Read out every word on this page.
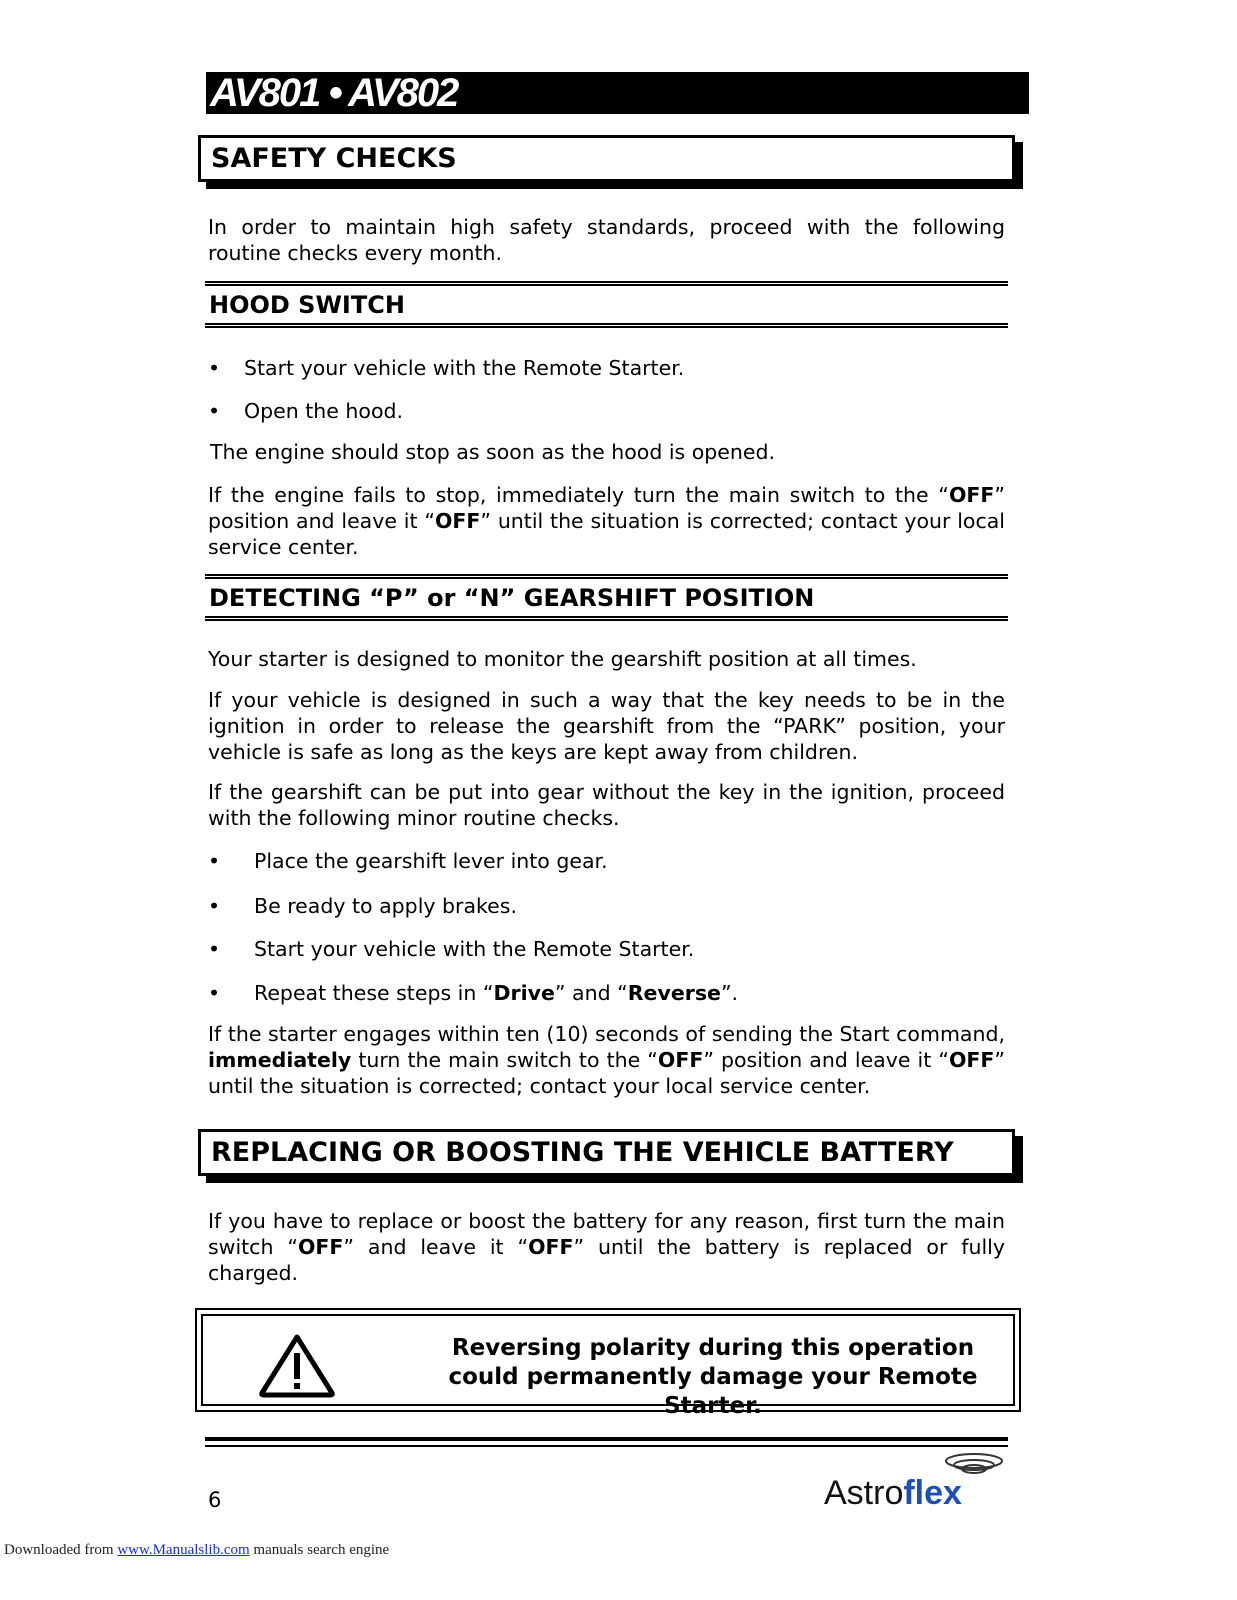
AV801 • AV802
SAFETY CHECKS

In order to maintain high safety standards, proceed with the following routine checks every month.

HOOD SWITCH
• Start your vehicle with the Remote Starter.
• Open the hood.

The engine should stop as soon as the hood is opened.

If the engine fails to stop, immediately turn the main switch to the “OFF” position and leave it “OFF” until the situation is corrected; contact your local service center.

DETECTING “P” or “N” GEARSHIFT POSITION

Your starter is designed to monitor the gearshift position at all times.

If your vehicle is designed in such a way that the key needs to be in the ignition in order to release the gearshift from the “PARK” position, your vehicle is safe as long as the keys are kept away from children.

If the gearshift can be put into gear without the key in the ignition, proceed with the following minor routine checks.

• Place the gearshift lever into gear.
• Be ready to apply brakes.
• Start your vehicle with the Remote Starter.
• Repeat these steps in “Drive” and “Reverse”.

If the starter engages within ten (10) seconds of sending the Start command, immediately turn the main switch to the “OFF” position and leave it “OFF” until the situation is corrected; contact your local service center.

REPLACING OR BOOSTING THE VEHICLE BATTERY

If you have to replace or boost the battery for any reason, first turn the main switch “OFF” and leave it “OFF” until the battery is replaced or fully charged.

Reversing polarity during this operation could permanently damage your Remote Starter.
6	Astroflex
Downloaded from www.Manualslib.com manuals search engine
